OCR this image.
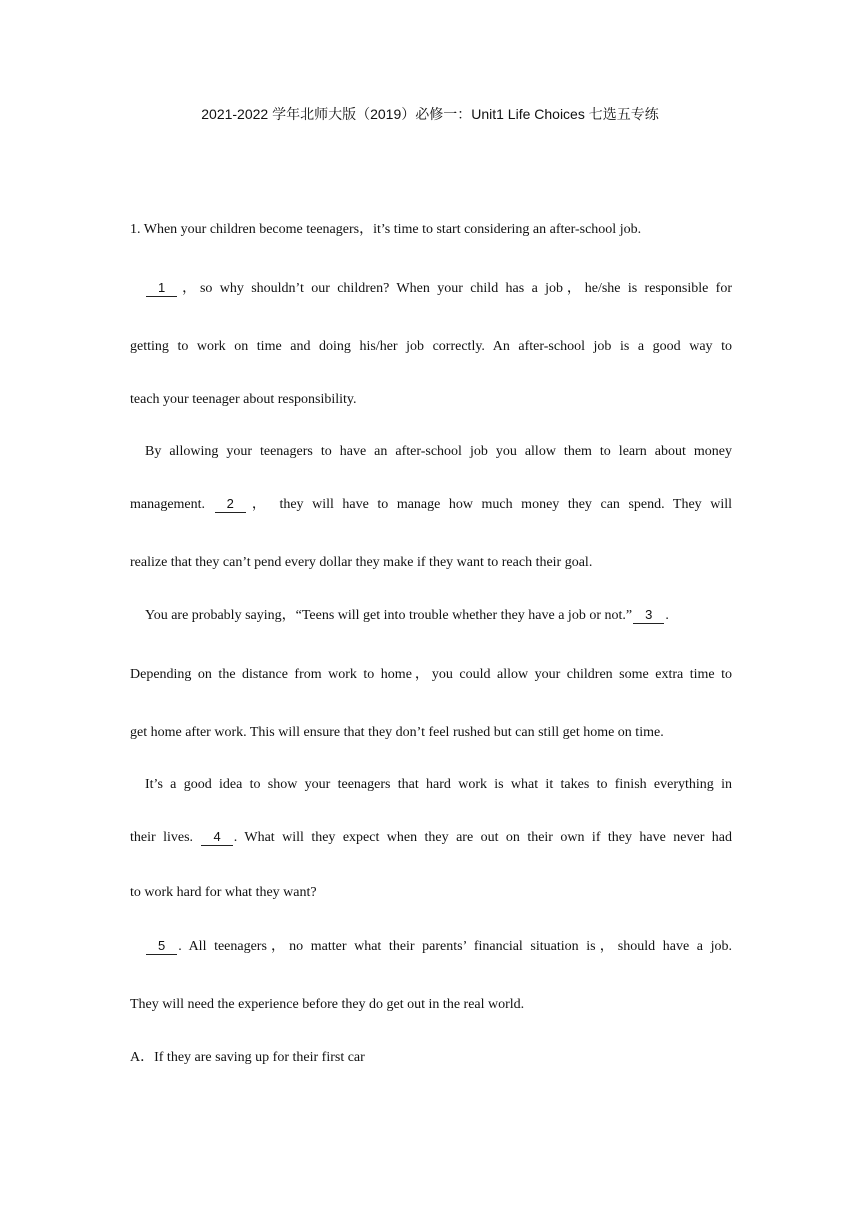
2021-2022 学年北师大版（2019）必修一：Unit1 Life Choices 七选五专练
1. When your children become teenagers，it’s time to start considering an after-school job.
1 ，so why shouldn’t our children? When your child has a job，he/she is responsible for
getting to work on time and doing his/her job correctly. An after-school job is a good way to
teach your teenager about responsibility.
By allowing your teenagers to have an after-school job you allow them to learn about money
management. 2 ， they will have to manage how much money they can spend. They will
realize that they can’t pend every dollar they make if they want to reach their goal.
You are probably saying，“Teens will get into trouble whether they have a job or not.” 3 .
Depending on the distance from work to home，you could allow your children some extra time to
get home after work. This will ensure that they don’t feel rushed but can still get home on time.
It’s a good idea to show your teenagers that hard work is what it takes to finish everything in
their lives. 4 . What will they expect when they are out on their own if they have never had
to work hard for what they want?
5 . All teenagers，no matter what their parents’ financial situation is，should have a job.
They will need the experience before they do get out in the real world.
A．If they are saving up for their first car
